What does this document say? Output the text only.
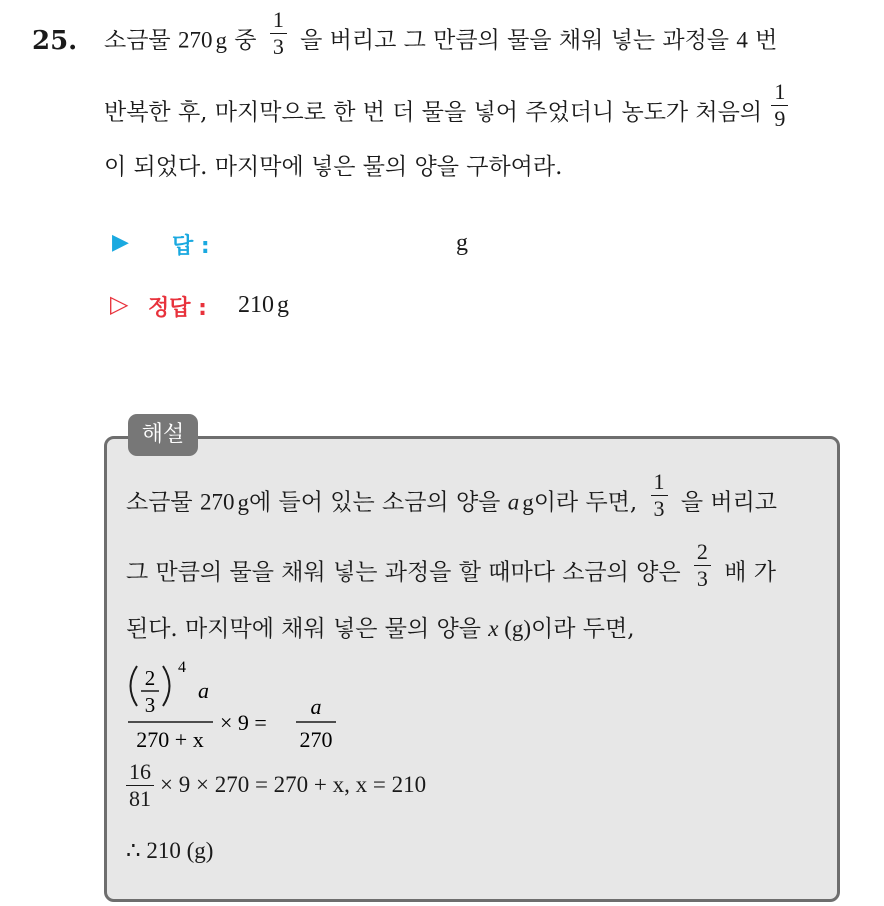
25. 소금물 270 g 중 $\frac{1}{3}$ 을 버리고 그 만큼의 물을 채워 넣는 과정을 4 번
반복한 후, 마지막으로 한 번 더 물을 넣어 주었더니 농도가 처음의 $\frac{1}{9}$
이 되었다. 마지막에 넣은 물의 양을 구하여라.
▶ 답 :	g
▷ 정답 : 210 g
해설
소금물 270 g에 들어 있는 소금의 양을 a g이라 두면, $\frac{1}{3}$ 을 버리고
그 만큼의 물을 채워 넣는 과정을 할 때마다 소금의 양은 $\frac{2}{3}$ 배 가
된다. 마지막에 채워 넣은 물의 양을 x (g)이라 두면,
2
3
4
a
270 + x
× 9 =
a
270
$\frac{16}{81} \times 9 \times 270 = 270 + x$, x = 210
∴ 210 (g)
